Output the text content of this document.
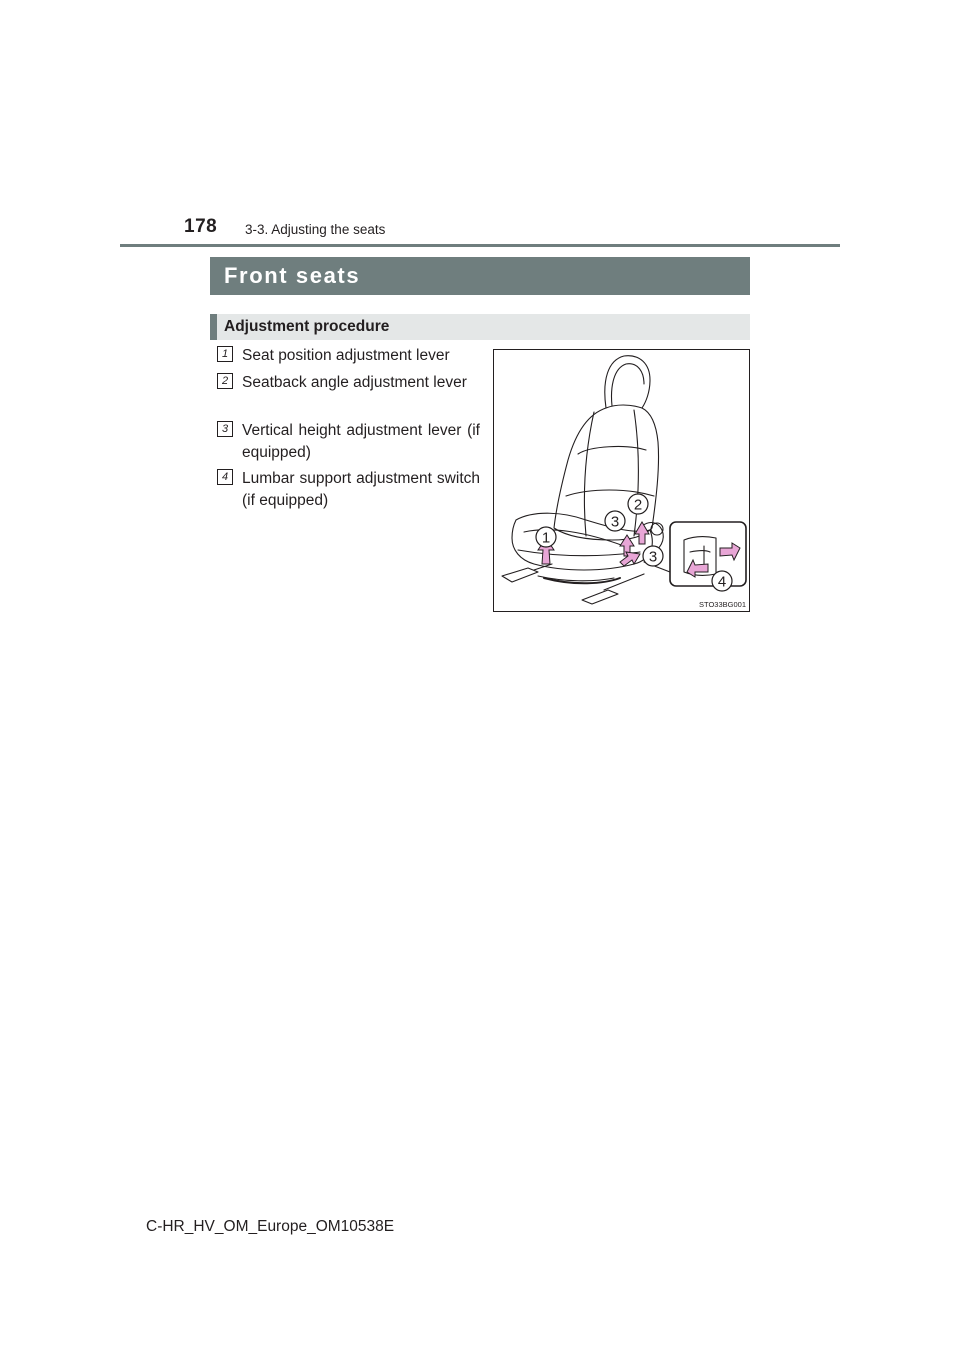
178 3-3. Adjusting the seats
Front seats
Adjustment procedure
1 Seat position adjustment lever
2 Seatback angle adjustment lever
3 Vertical height adjustment lever (if equipped)
4 Lumbar support adjustment switch (if equipped)
1
2
3
3
4
STO33BG001
C-HR_HV_OM_Europe_OM10538E
